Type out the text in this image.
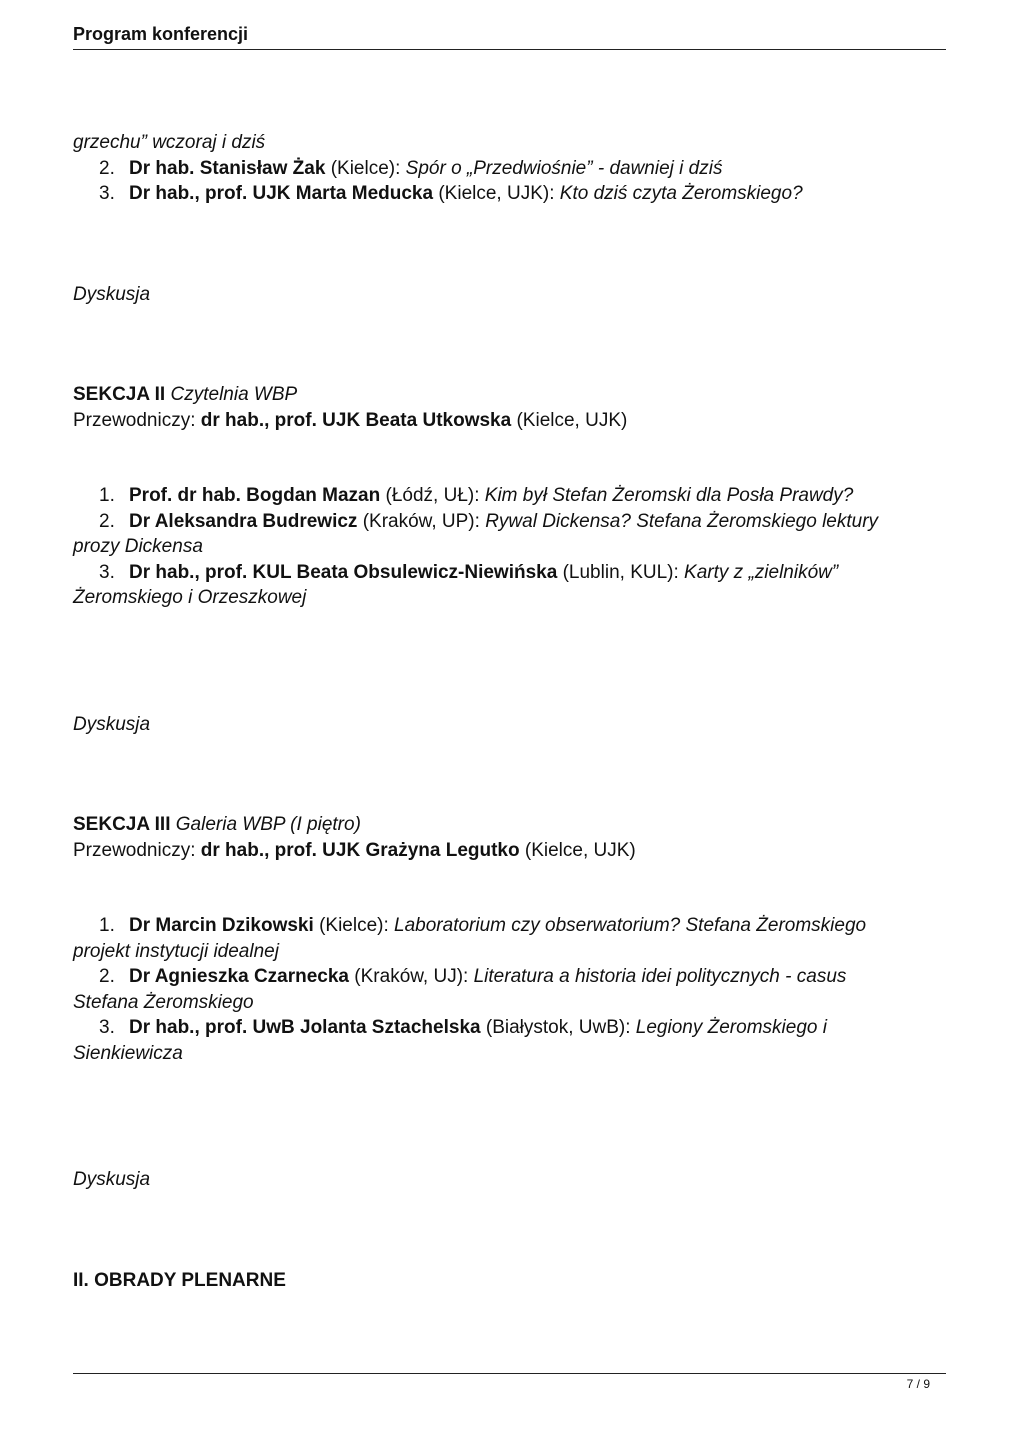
Program konferencji

grzechu” wczoraj i dziś

2. Dr hab. Stanisław Żak (Kielce): Spór o „Przedwiośnie” - dawniej i dziś

3. Dr hab., prof. UJK Marta Meducka (Kielce, UJK): Kto dziś czyta Żeromskiego?

Dyskusja

SEKCJA II Czytelnia WBP

Przewodniczy: dr hab., prof. UJK Beata Utkowska (Kielce, UJK)

1. Prof. dr hab. Bogdan Mazan (Łódź, UŁ): Kim był Stefan Żeromski dla Posła Prawdy?

2. Dr Aleksandra Budrewicz (Kraków, UP): Rywal Dickensa? Stefana Żeromskiego lektury

prozy Dickensa

3. Dr hab., prof. KUL Beata Obsulewicz-Niewińska (Lublin, KUL): Karty z „zielników”

Żeromskiego i Orzeszkowej

Dyskusja

SEKCJA III Galeria WBP (I piętro)

Przewodniczy: dr hab., prof. UJK Grażyna Legutko (Kielce, UJK)

1. Dr Marcin Dzikowski (Kielce): Laboratorium czy obserwatorium? Stefana Żeromskiego

projekt instytucji idealnej

2. Dr Agnieszka Czarnecka (Kraków, UJ): Literatura a historia idei politycznych - casus

Stefana Żeromskiego

3. Dr hab., prof. UwB Jolanta Sztachelska (Białystok, UwB): Legiony Żeromskiego i

Sienkiewicza

Dyskusja

II. OBRADY PLENARNE

7 / 9
